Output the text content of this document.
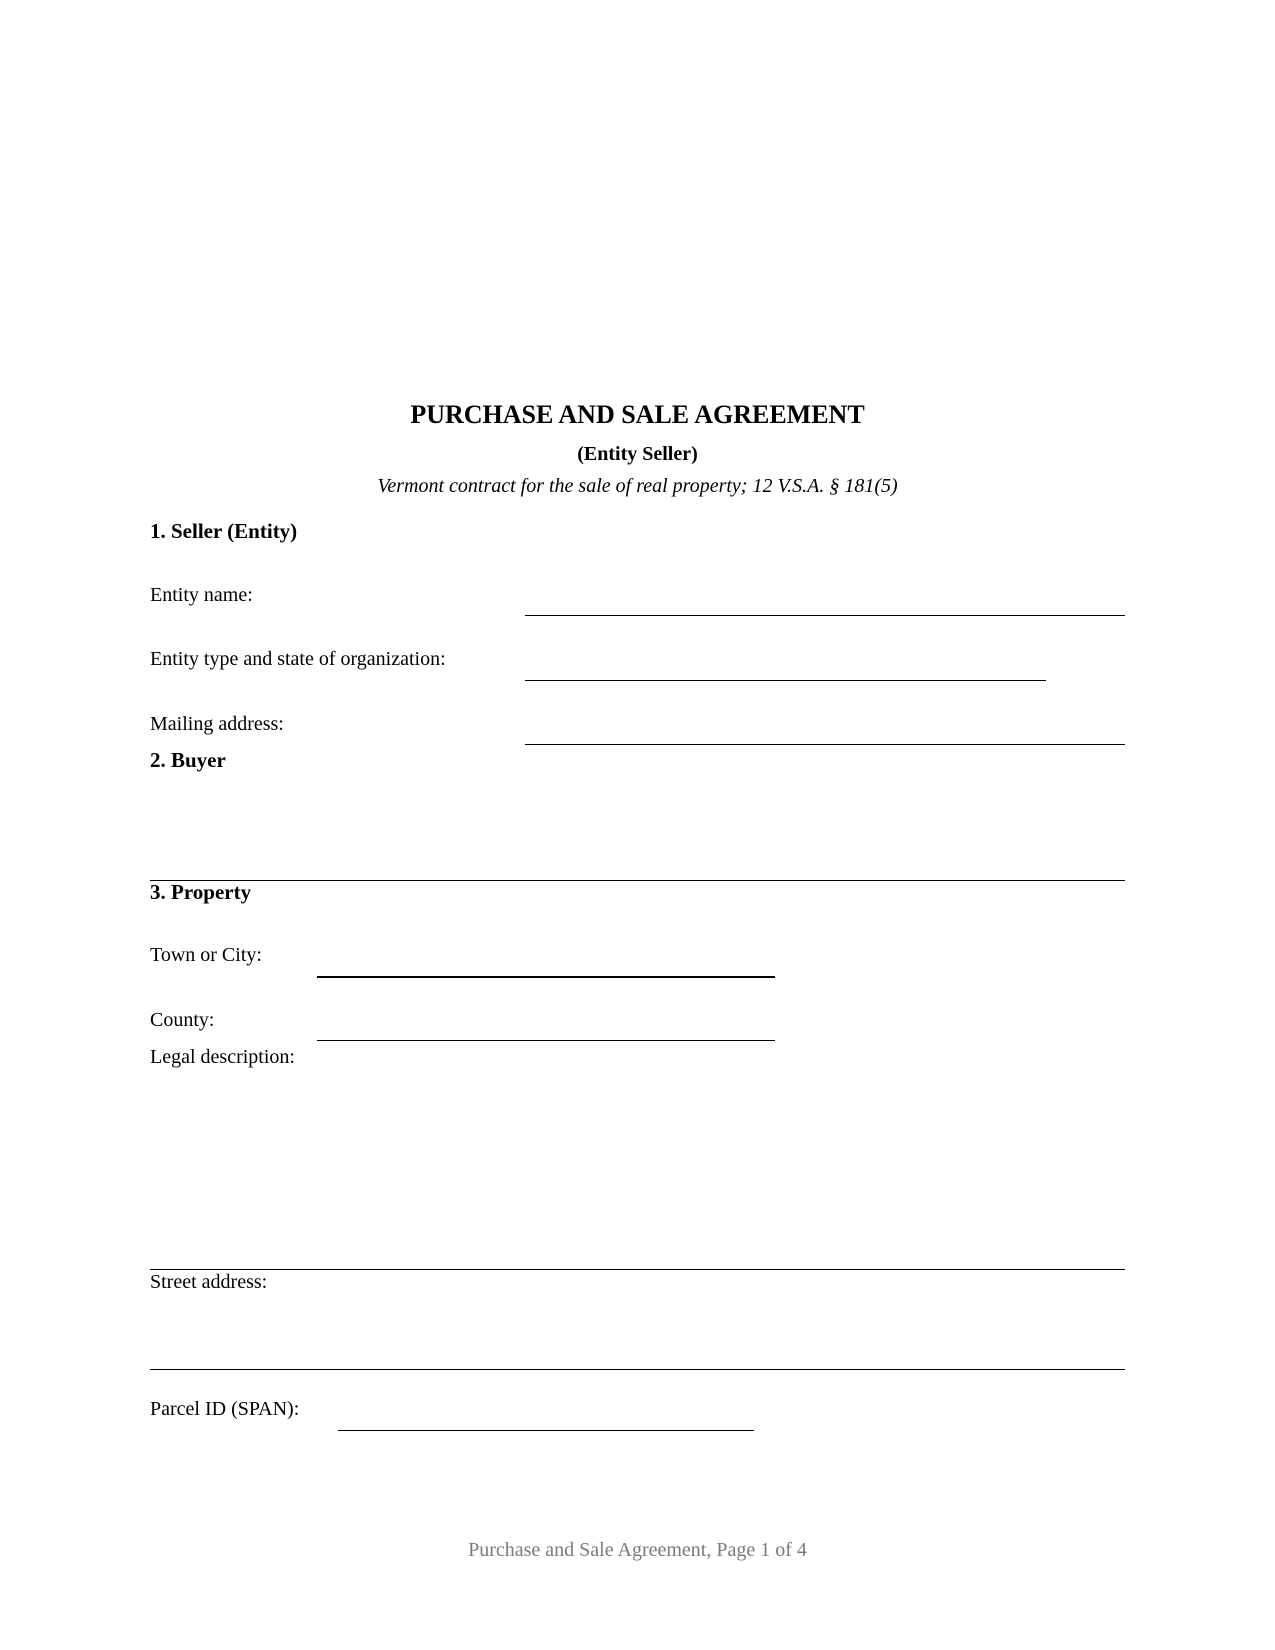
PURCHASE AND SALE AGREEMENT
(Entity Seller)
Vermont contract for the sale of real property; 12 V.S.A. § 181(5)
1. Seller (Entity)
Entity name:
Entity type and state of organization:
Mailing address:
2. Buyer
3. Property
Town or City:
County:
Legal description:
Street address:
Parcel ID (SPAN):
Purchase and Sale Agreement, Page 1 of 4
